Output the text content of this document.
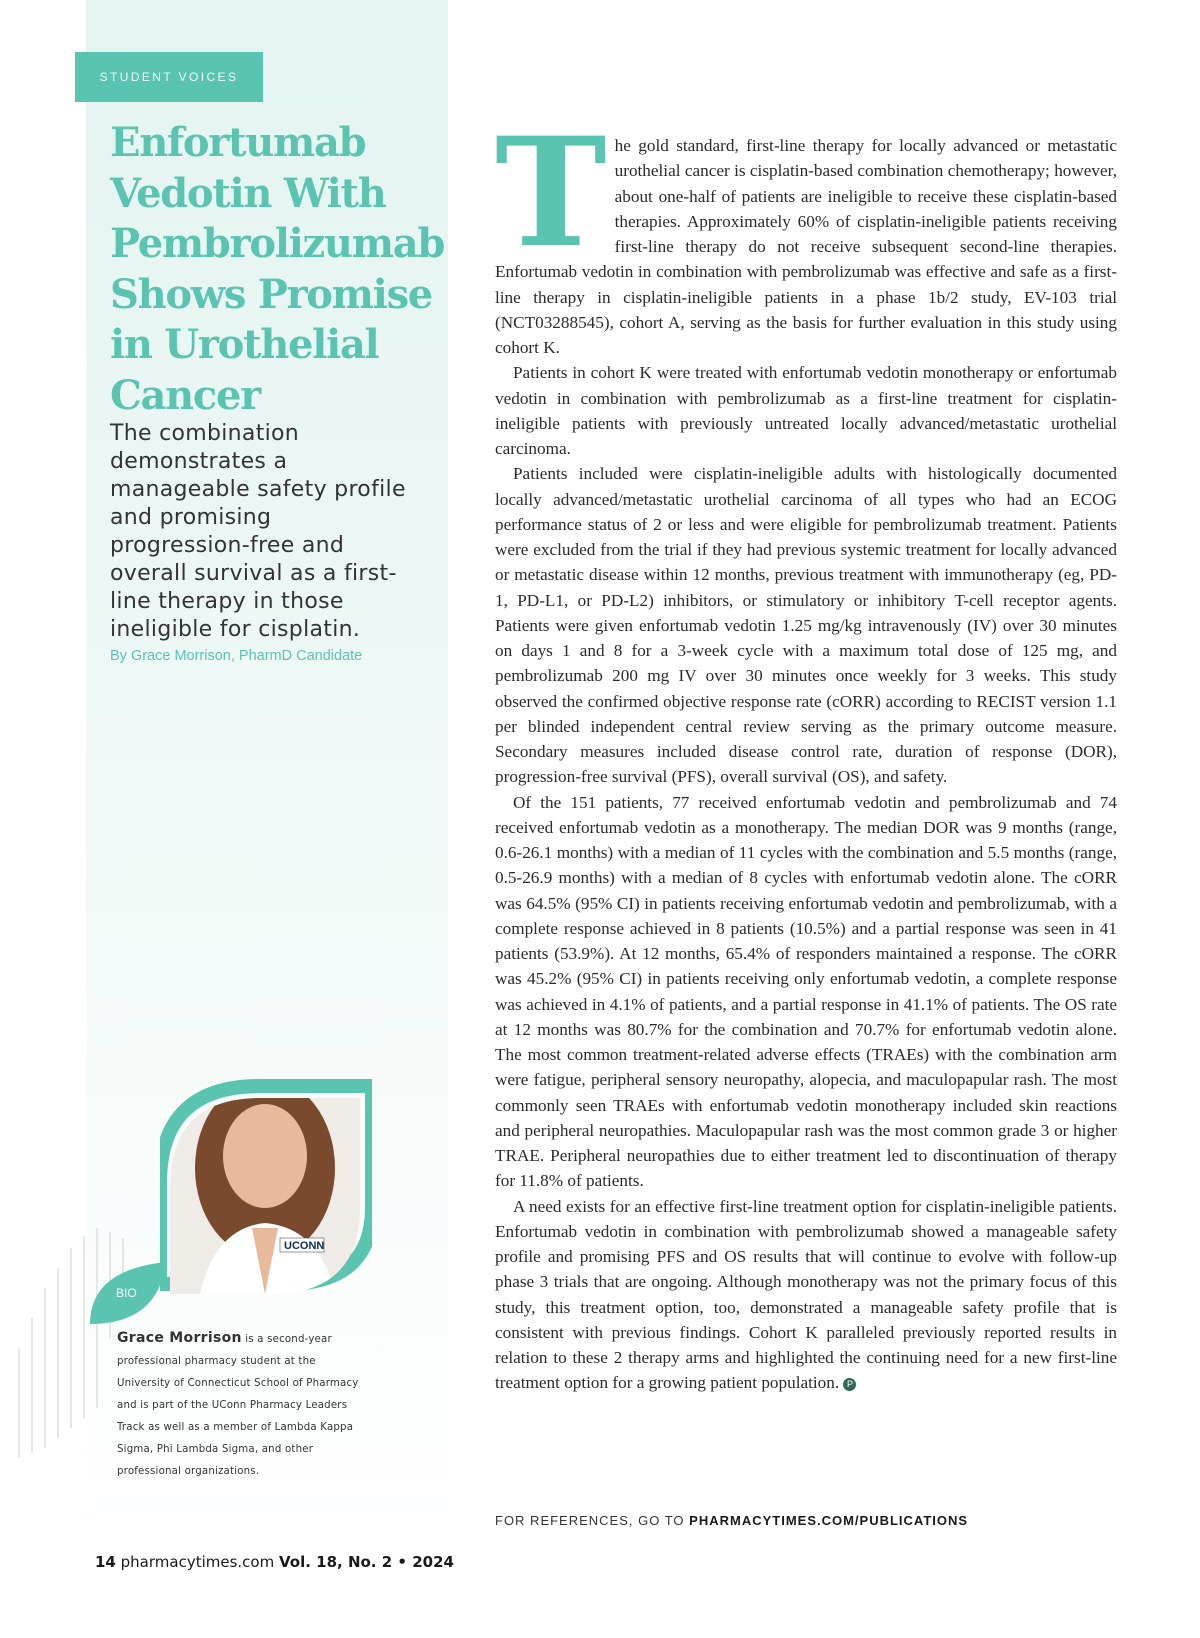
STUDENT VOICES
Enfortumab Vedotin With Pembrolizumab Shows Promise in Urothelial Cancer

The combination demonstrates a manageable safety profile and promising progression-free and overall survival as a first-line therapy in those ineligible for cisplatin.

By Grace Morrison, PharmD Candidate

UCONN
BIO

Grace Morrison is a second-year professional pharmacy student at the University of Connecticut School of Pharmacy and is part of the UConn Pharmacy Leaders Track as well as a member of Lambda Kappa Sigma, Phi Lambda Sigma, and other professional organizations.

The gold standard, first-line therapy for locally advanced or metastatic urothelial cancer is cisplatin-based combination chemotherapy; however, about one-half of patients are ineligible to receive these cisplatin-based therapies. Approximately 60% of cisplatin-ineligible patients receiving first-line therapy do not receive subsequent second-line therapies. Enfortumab vedotin in combination with pembrolizumab was effective and safe as a first-line therapy in cisplatin-ineligible patients in a phase 1b/2 study, EV-103 trial (NCT03288545), cohort A, serving as the basis for further evaluation in this study using cohort K.

Patients in cohort K were treated with enfortumab vedotin monotherapy or enfortumab vedotin in combination with pembrolizumab as a first-line treatment for cisplatin-ineligible patients with previously untreated locally advanced/metastatic urothelial carcinoma.

Patients included were cisplatin-ineligible adults with histologically documented locally advanced/metastatic urothelial carcinoma of all types who had an ECOG performance status of 2 or less and were eligible for pembrolizumab treatment. Patients were excluded from the trial if they had previous systemic treatment for locally advanced or metastatic disease within 12 months, previous treatment with immunotherapy (eg, PD-1, PD-L1, or PD-L2) inhibitors, or stimulatory or inhibitory T-cell receptor agents. Patients were given enfortumab vedotin 1.25 mg/kg intravenously (IV) over 30 minutes on days 1 and 8 for a 3-week cycle with a maximum total dose of 125 mg, and pembrolizumab 200 mg IV over 30 minutes once weekly for 3 weeks. This study observed the confirmed objective response rate (cORR) according to RECIST version 1.1 per blinded independent central review serving as the primary outcome measure. Secondary measures included disease control rate, duration of response (DOR), progression-free survival (PFS), overall survival (OS), and safety.

Of the 151 patients, 77 received enfortumab vedotin and pembrolizumab and 74 received enfortumab vedotin as a monotherapy. The median DOR was 9 months (range, 0.6-26.1 months) with a median of 11 cycles with the combination and 5.5 months (range, 0.5-26.9 months) with a median of 8 cycles with enfortumab vedotin alone. The cORR was 64.5% (95% CI) in patients receiving enfortumab vedotin and pembrolizumab, with a complete response achieved in 8 patients (10.5%) and a partial response was seen in 41 patients (53.9%). At 12 months, 65.4% of responders maintained a response. The cORR was 45.2% (95% CI) in patients receiving only enfortumab vedotin, a complete response was achieved in 4.1% of patients, and a partial response in 41.1% of patients. The OS rate at 12 months was 80.7% for the combination and 70.7% for enfortumab vedotin alone. The most common treatment-related adverse effects (TRAEs) with the combination arm were fatigue, peripheral sensory neuropathy, alopecia, and maculopapular rash. The most commonly seen TRAEs with enfortumab vedotin monotherapy included skin reactions and peripheral neuropathies. Maculopapular rash was the most common grade 3 or higher TRAE. Peripheral neuropathies due to either treatment led to discontinuation of therapy for 11.8% of patients.

A need exists for an effective first-line treatment option for cisplatin-ineligible patients. Enfortumab vedotin in combination with pembrolizumab showed a manageable safety profile and promising PFS and OS results that will continue to evolve with follow-up phase 3 trials that are ongoing. Although monotherapy was not the primary focus of this study, this treatment option, too, demonstrated a manageable safety profile that is consistent with previous findings. Cohort K paralleled previously reported results in relation to these 2 therapy arms and highlighted the continuing need for a new first-line treatment option for a growing patient population. P

FOR REFERENCES, GO TO PHARMACYTIMES.COM/PUBLICATIONS

14 pharmacytimes.com Vol. 18, No. 2 • 2024
